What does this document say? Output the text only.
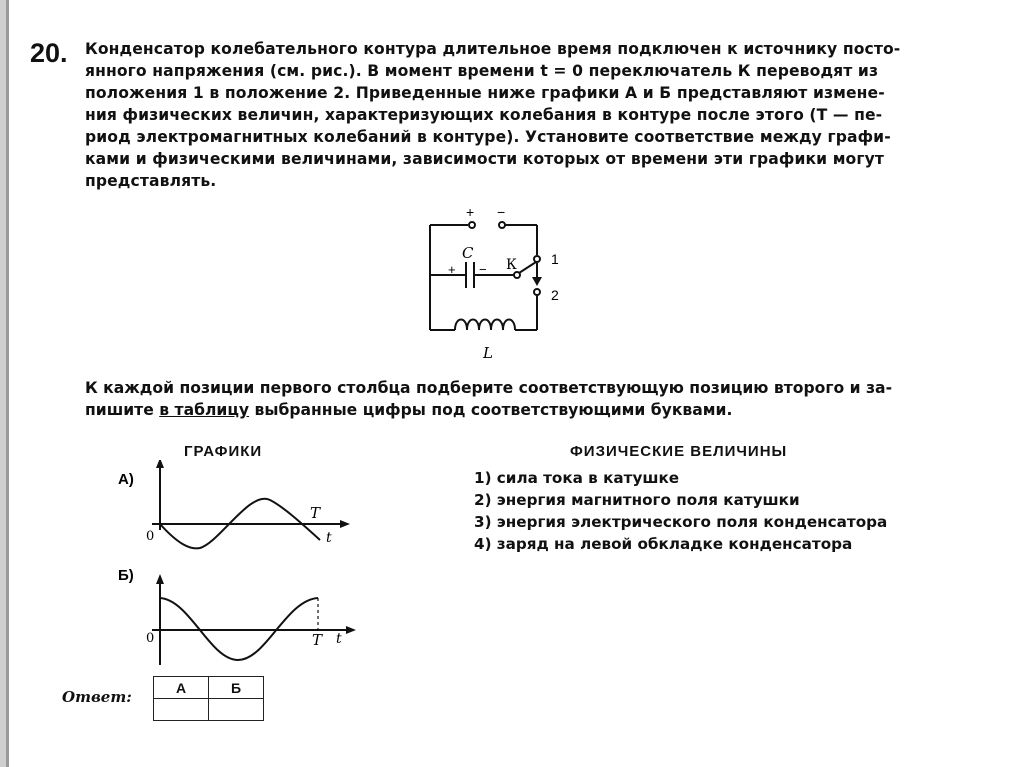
20. Конденсатор колебательного контура длительное время подключен к источнику посто-
янного напряжения (см. рис.). В момент времени t = 0 переключатель К переводят из
положения 1 в положение 2. Приведенные ниже графики А и Б представляют измене-
ния физических величин, характеризующих колебания в контуре после этого (T — пе-
риод электромагнитных колебаний в контуре). Установите соответствие между графи-
ками и физическими величинами, зависимости которых от времени эти графики могут
представлять.
+ −
C
+ − К 1
2
L
К каждой позиции первого столбца подберите соответствующую позицию второго и за-
пишите в таблицу выбранные цифры под соответствующими буквами.
ГРАФИКИ	ФИЗИЧЕСКИЕ ВЕЛИЧИНЫ
1) сила тока в катушке
2) энергия магнитного поля катушки
3) энергия электрического поля конденсатора
4) заряд на левой обкладке конденсатора
А)
0
T
t
Б)
0	T t
Ответ:
А	Б
